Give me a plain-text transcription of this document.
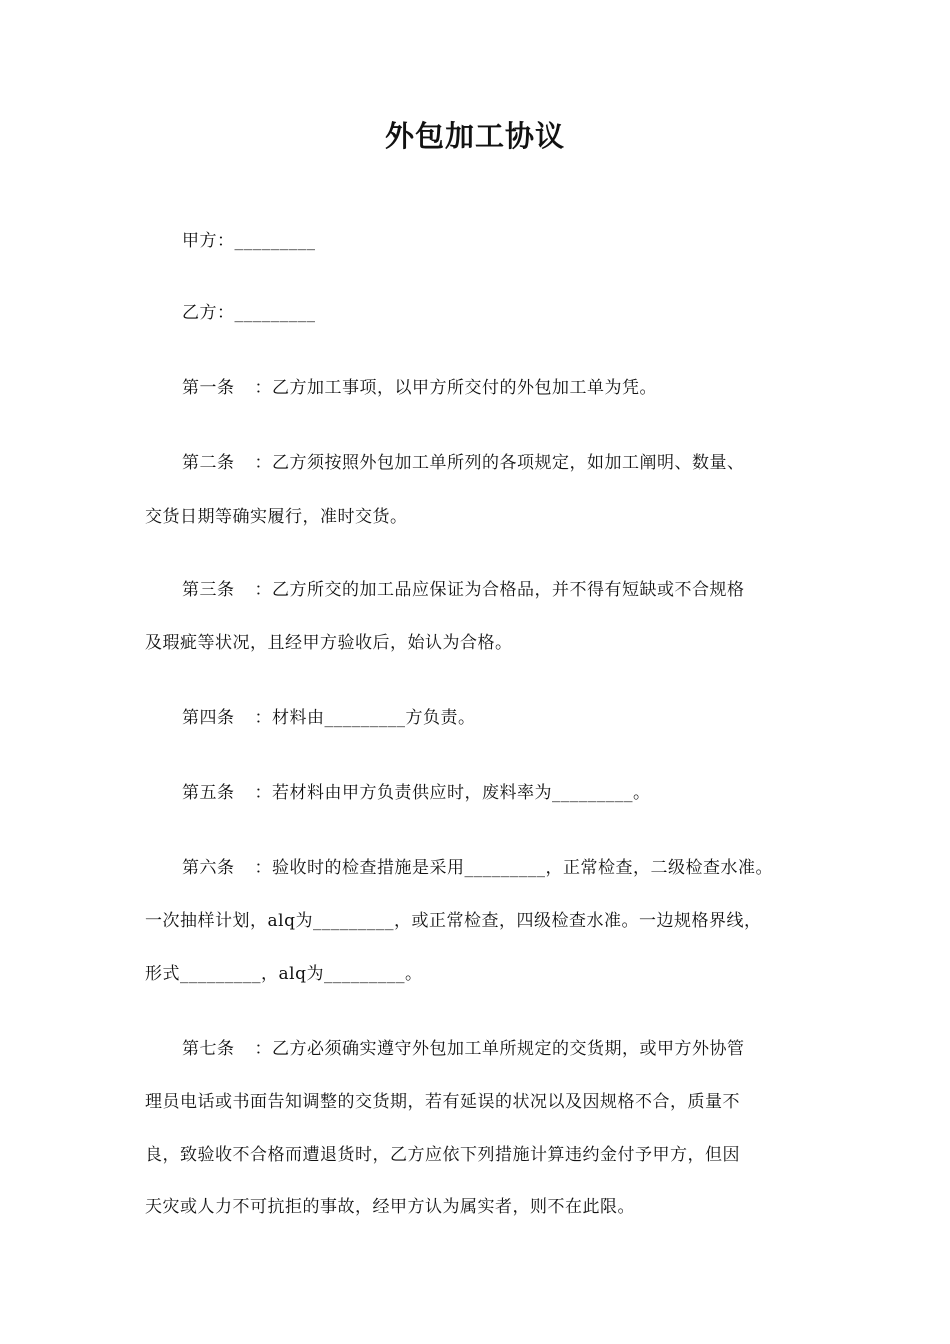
外包加工协议
甲方：_________
乙方：_________
第一条 ：乙方加工事项，以甲方所交付的外包加工单为凭。
第二条 ：乙方须按照外包加工单所列的各项规定，如加工阐明、数量、
交货日期等确实履行，准时交货。
第三条 ：乙方所交的加工品应保证为合格品，并不得有短缺或不合规格
及瑕疵等状况，且经甲方验收后，始认为合格。
第四条 ：材料由_________方负责。
第五条 ：若材料由甲方负责供应时，废料率为_________。
第六条 ：验收时的检查措施是采用_________，正常检查，二级检查水准。
一次抽样计划，alq为_________，或正常检查，四级检查水准。一边规格界线，
形式_________，alq为_________。
第七条 ：乙方必须确实遵守外包加工单所规定的交货期，或甲方外协管
理员电话或书面告知调整的交货期，若有延误的状况以及因规格不合，质量不
良，致验收不合格而遭退货时，乙方应依下列措施计算违约金付予甲方，但因
天灾或人力不可抗拒的事故，经甲方认为属实者，则不在此限。
